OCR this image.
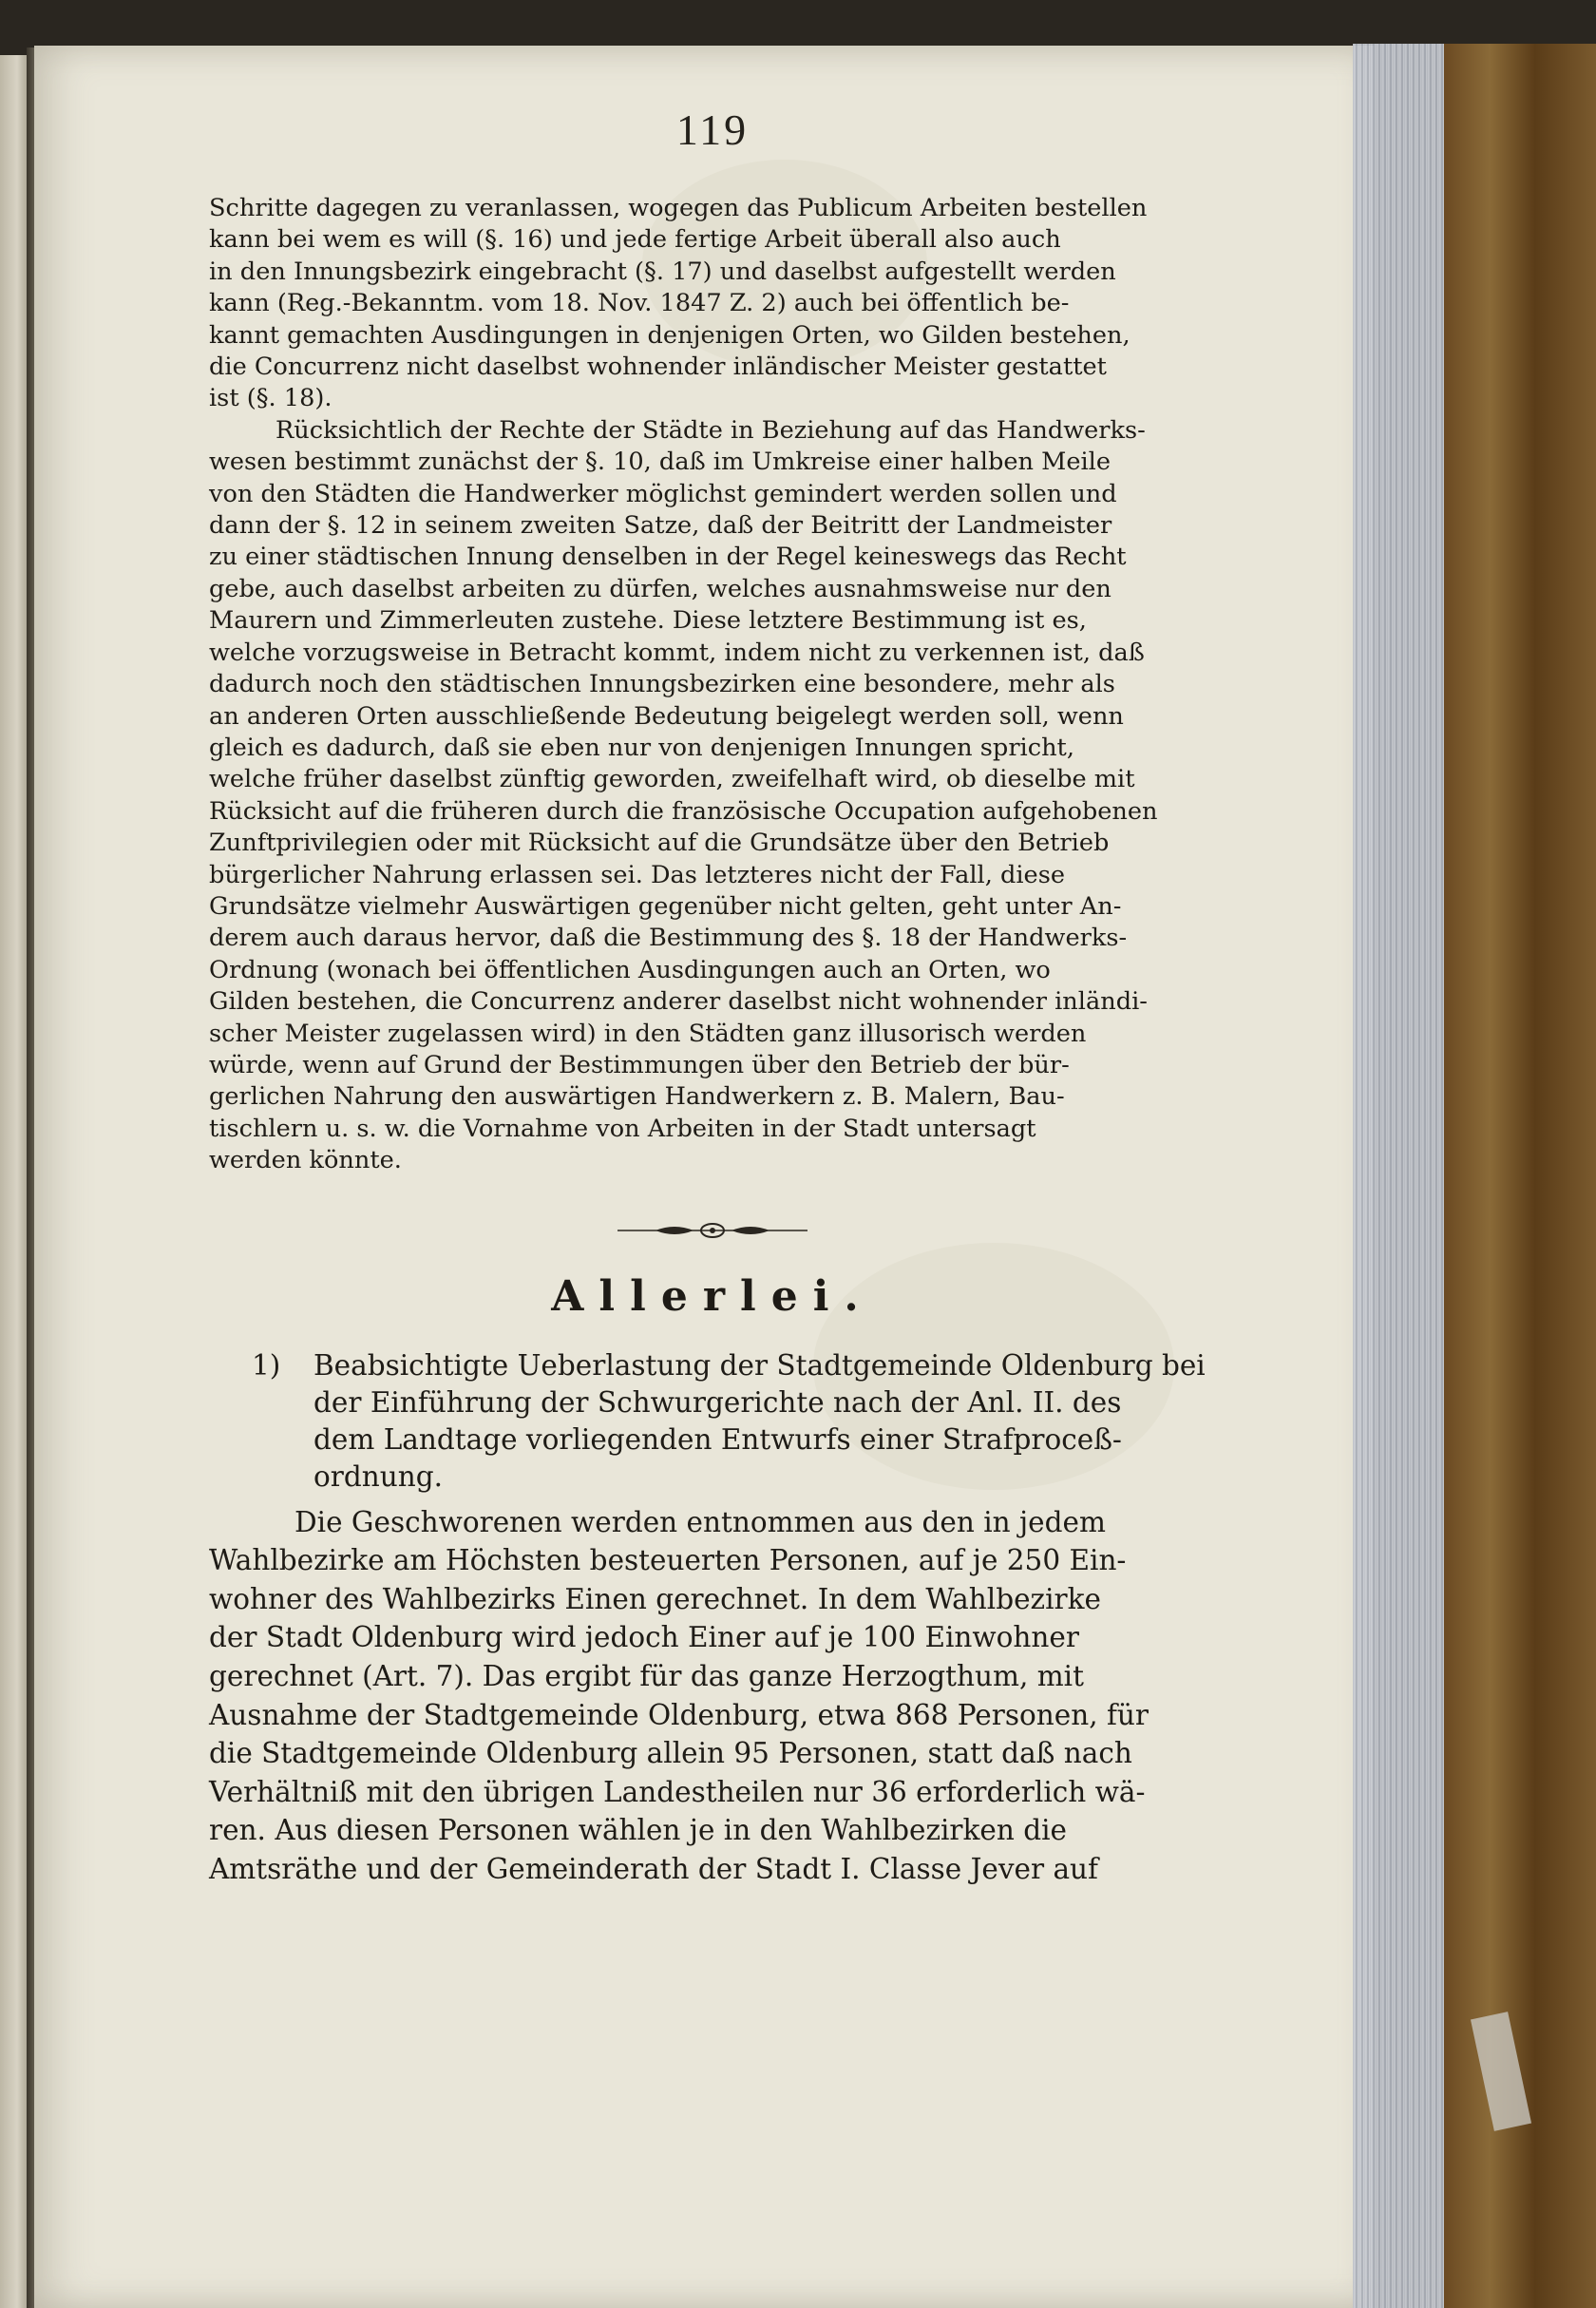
119

Schritte dagegen zu veranlassen, wogegen das Publicum Arbeiten bestellen
kann bei wem es will (§. 16) und jede fertige Arbeit überall also auch
in den Innungsbezirk eingebracht (§. 17) und daselbst aufgestellt werden
kann (Reg.-Bekanntm. vom 18. Nov. 1847 Z. 2) auch bei öffentlich be-
kannt gemachten Ausdingungen in denjenigen Orten, wo Gilden bestehen,
die Concurrenz nicht daselbst wohnender inländischer Meister gestattet
ist (§. 18).

Rücksichtlich der Rechte der Städte in Beziehung auf das Handwerks-
wesen bestimmt zunächst der §. 10, daß im Umkreise einer halben Meile
von den Städten die Handwerker möglichst gemindert werden sollen und
dann der §. 12 in seinem zweiten Satze, daß der Beitritt der Landmeister
zu einer städtischen Innung denselben in der Regel keineswegs das Recht
gebe, auch daselbst arbeiten zu dürfen, welches ausnahmsweise nur den
Maurern und Zimmerleuten zustehe. Diese letztere Bestimmung ist es,
welche vorzugsweise in Betracht kommt, indem nicht zu verkennen ist, daß
dadurch noch den städtischen Innungsbezirken eine besondere, mehr als
an anderen Orten ausschließende Bedeutung beigelegt werden soll, wenn
gleich es dadurch, daß sie eben nur von denjenigen Innungen spricht,
welche früher daselbst zünftig geworden, zweifelhaft wird, ob dieselbe mit
Rücksicht auf die früheren durch die französische Occupation aufgehobenen
Zunftprivilegien oder mit Rücksicht auf die Grundsätze über den Betrieb
bürgerlicher Nahrung erlassen sei. Das letzteres nicht der Fall, diese
Grundsätze vielmehr Auswärtigen gegenüber nicht gelten, geht unter An-
derem auch daraus hervor, daß die Bestimmung des §. 18 der Handwerks-
Ordnung (wonach bei öffentlichen Ausdingungen auch an Orten, wo
Gilden bestehen, die Concurrenz anderer daselbst nicht wohnender inländi-
scher Meister zugelassen wird) in den Städten ganz illusorisch werden
würde, wenn auf Grund der Bestimmungen über den Betrieb der bür-
gerlichen Nahrung den auswärtigen Handwerkern z. B. Malern, Bau-
tischlern u. s. w. die Vornahme von Arbeiten in der Stadt untersagt
werden könnte.

Allerlei.
1)	Beabsichtigte Ueberlastung der Stadtgemeinde Oldenburg bei
der Einführung der Schwurgerichte nach der Anl. II. des
dem Landtage vorliegenden Entwurfs einer Strafproceß-
ordnung.

Die Geschworenen werden entnommen aus den in jedem
Wahlbezirke am Höchsten besteuerten Personen, auf je 250 Ein-
wohner des Wahlbezirks Einen gerechnet. In dem Wahlbezirke
der Stadt Oldenburg wird jedoch Einer auf je 100 Einwohner
gerechnet (Art. 7). Das ergibt für das ganze Herzogthum, mit
Ausnahme der Stadtgemeinde Oldenburg, etwa 868 Personen, für
die Stadtgemeinde Oldenburg allein 95 Personen, statt daß nach
Verhältniß mit den übrigen Landestheilen nur 36 erforderlich wä-
ren. Aus diesen Personen wählen je in den Wahlbezirken die
Amtsräthe und der Gemeinderath der Stadt I. Classe Jever auf
